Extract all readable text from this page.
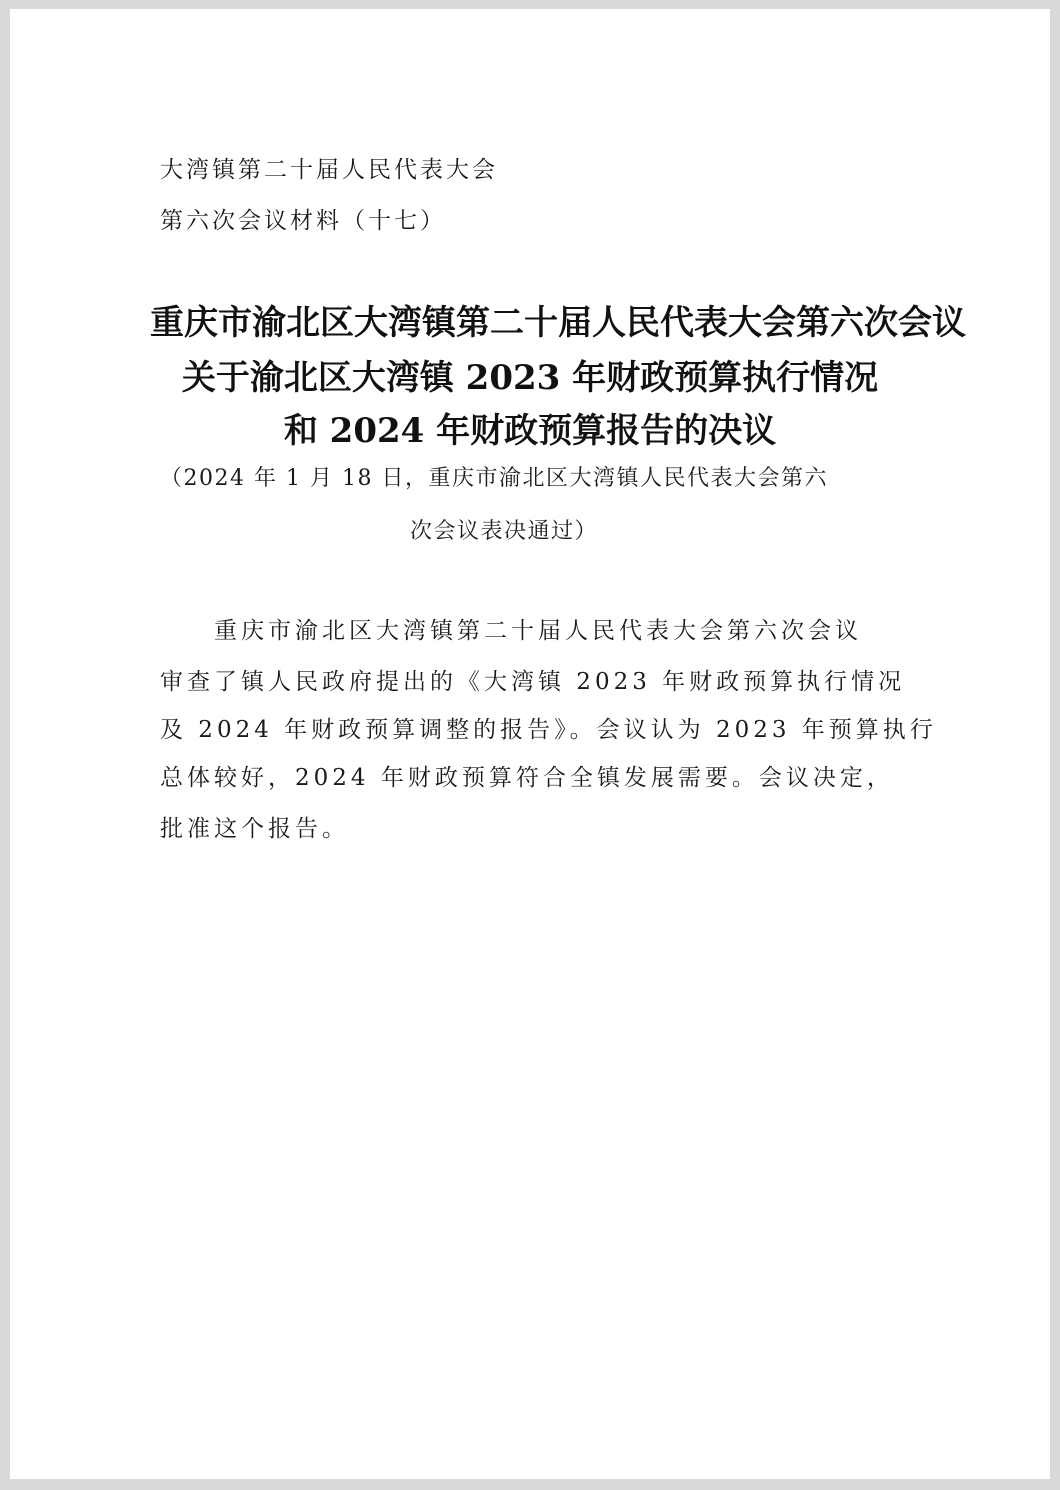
大湾镇第二十届人民代表大会
第六次会议材料（十七）
重庆市渝北区大湾镇第二十届人民代表大会第六次会议
关于渝北区大湾镇 2023 年财政预算执行情况
和 2024 年财政预算报告的决议
（2024 年 1 月 18 日，重庆市渝北区大湾镇人民代表大会第六
次会议表决通过）
重庆市渝北区大湾镇第二十届人民代表大会第六次会议
审查了镇人民政府提出的《大湾镇 2023 年财政预算执行情况
及 2024 年财政预算调整的报告》。会议认为 2023 年预算执行
总体较好，2024 年财政预算符合全镇发展需要。会议决定，
批准这个报告。
